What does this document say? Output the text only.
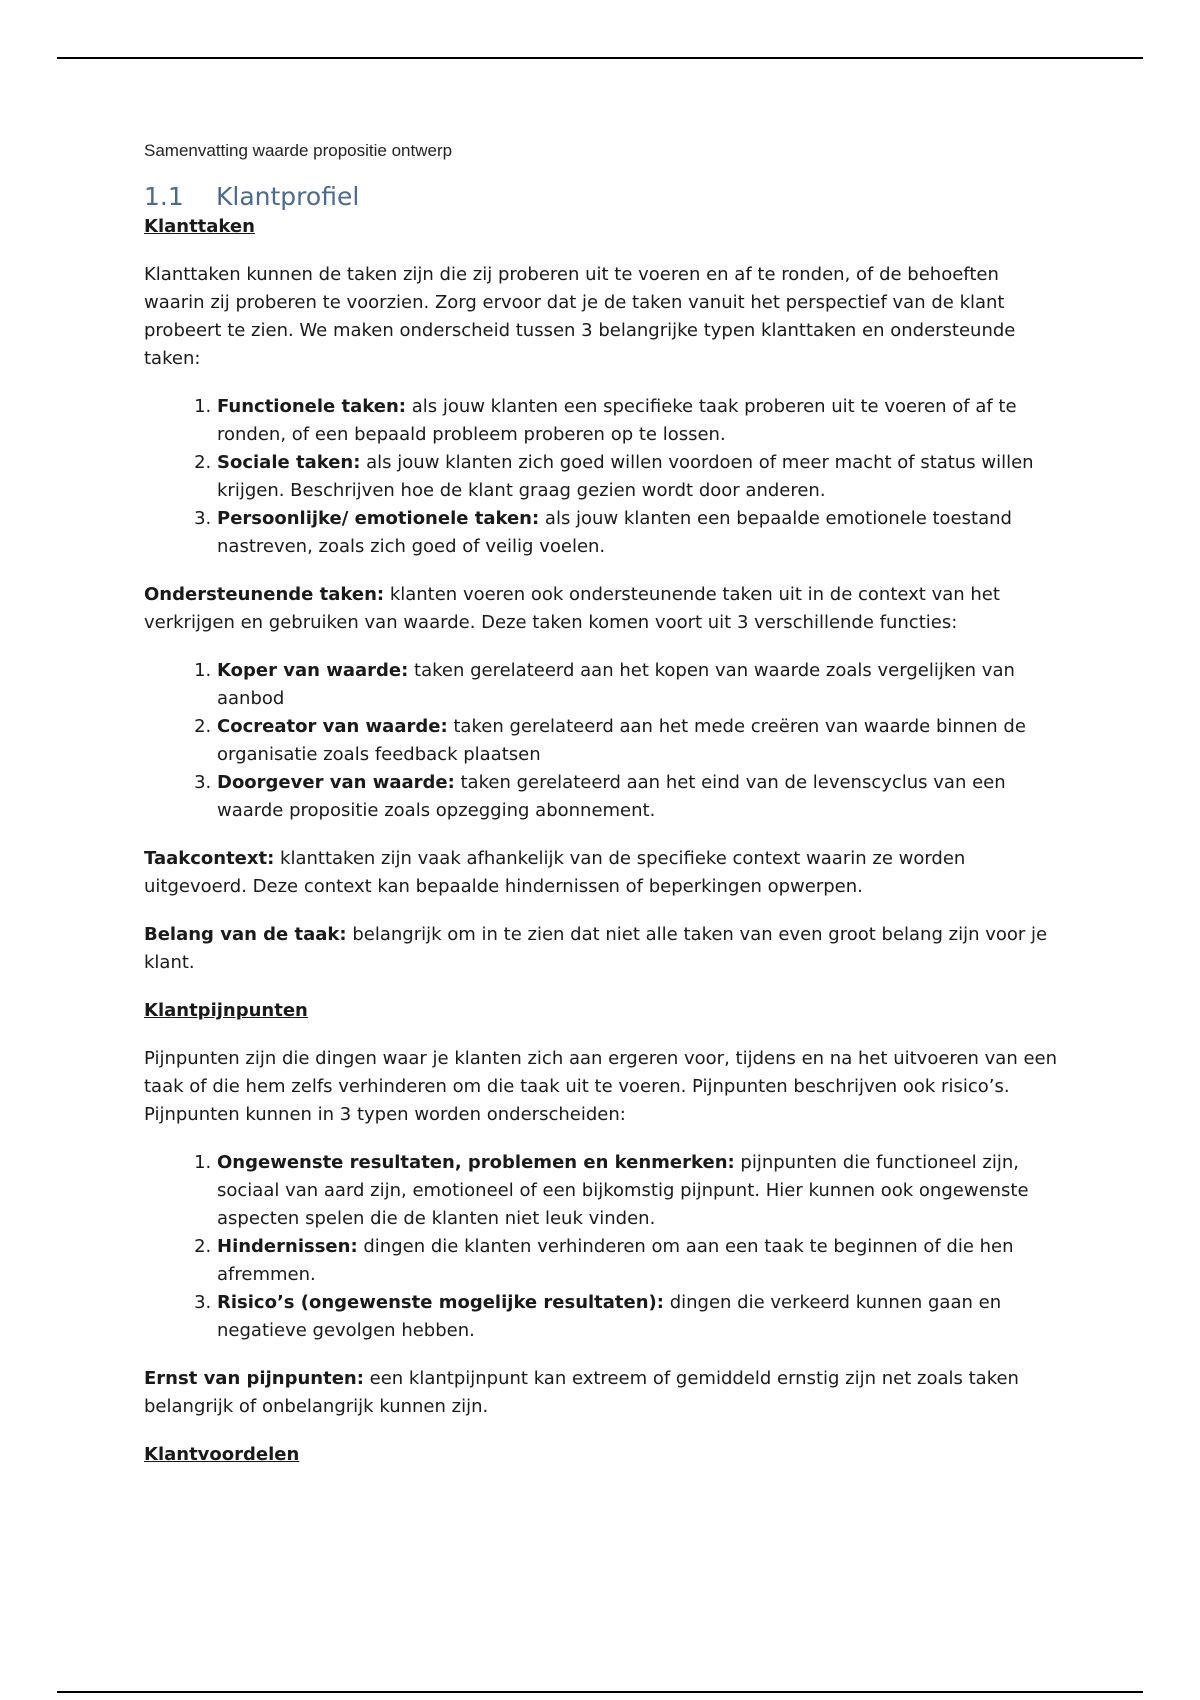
Samenvatting waarde propositie ontwerp
1.1 Klantprofiel
Klanttaken

Klanttaken kunnen de taken zijn die zij proberen uit te voeren en af te ronden, of de behoeften waarin zij proberen te voorzien. Zorg ervoor dat je de taken vanuit het perspectief van de klant probeert te zien. We maken onderscheid tussen 3 belangrijke typen klanttaken en ondersteunde taken:

1. Functionele taken: als jouw klanten een specifieke taak proberen uit te voeren of af te ronden, of een bepaald probleem proberen op te lossen.
2. Sociale taken: als jouw klanten zich goed willen voordoen of meer macht of status willen krijgen. Beschrijven hoe de klant graag gezien wordt door anderen.
3. Persoonlijke/ emotionele taken: als jouw klanten een bepaalde emotionele toestand nastreven, zoals zich goed of veilig voelen.

Ondersteunende taken: klanten voeren ook ondersteunende taken uit in de context van het verkrijgen en gebruiken van waarde. Deze taken komen voort uit 3 verschillende functies:

1. Koper van waarde: taken gerelateerd aan het kopen van waarde zoals vergelijken van aanbod
2. Cocreator van waarde: taken gerelateerd aan het mede creëren van waarde binnen de organisatie zoals feedback plaatsen
3. Doorgever van waarde: taken gerelateerd aan het eind van de levenscyclus van een waarde propositie zoals opzegging abonnement.

Taakcontext: klanttaken zijn vaak afhankelijk van de specifieke context waarin ze worden uitgevoerd. Deze context kan bepaalde hindernissen of beperkingen opwerpen.

Belang van de taak: belangrijk om in te zien dat niet alle taken van even groot belang zijn voor je klant.

Klantpijnpunten

Pijnpunten zijn die dingen waar je klanten zich aan ergeren voor, tijdens en na het uitvoeren van een taak of die hem zelfs verhinderen om die taak uit te voeren. Pijnpunten beschrijven ook risico’s. Pijnpunten kunnen in 3 typen worden onderscheiden:

1. Ongewenste resultaten, problemen en kenmerken: pijnpunten die functioneel zijn, sociaal van aard zijn, emotioneel of een bijkomstig pijnpunt. Hier kunnen ook ongewenste aspecten spelen die de klanten niet leuk vinden.
2. Hindernissen: dingen die klanten verhinderen om aan een taak te beginnen of die hen afremmen.
3. Risico’s (ongewenste mogelijke resultaten): dingen die verkeerd kunnen gaan en negatieve gevolgen hebben.

Ernst van pijnpunten: een klantpijnpunt kan extreem of gemiddeld ernstig zijn net zoals taken belangrijk of onbelangrijk kunnen zijn.

Klantvoordelen
